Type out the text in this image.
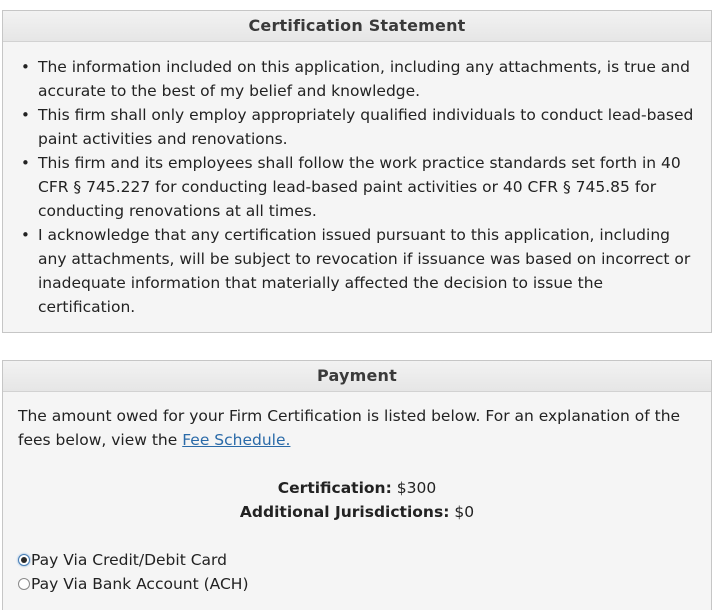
Certification Statement
• The information included on this application, including any attachments, is true and accurate to the best of my belief and knowledge.
• This firm shall only employ appropriately qualified individuals to conduct lead-based paint activities and renovations.
• This firm and its employees shall follow the work practice standards set forth in 40 CFR § 745.227 for conducting lead-based paint activities or 40 CFR § 745.85 for conducting renovations at all times.
• I acknowledge that any certification issued pursuant to this application, including any attachments, will be subject to revocation if issuance was based on incorrect or inadequate information that materially affected the decision to issue the certification.
Payment
The amount owed for your Firm Certification is listed below. For an explanation of the fees below, view the Fee Schedule.
Certification: $300
Additional Jurisdictions: $0
Pay Via Credit/Debit Card
Pay Via Bank Account (ACH)
